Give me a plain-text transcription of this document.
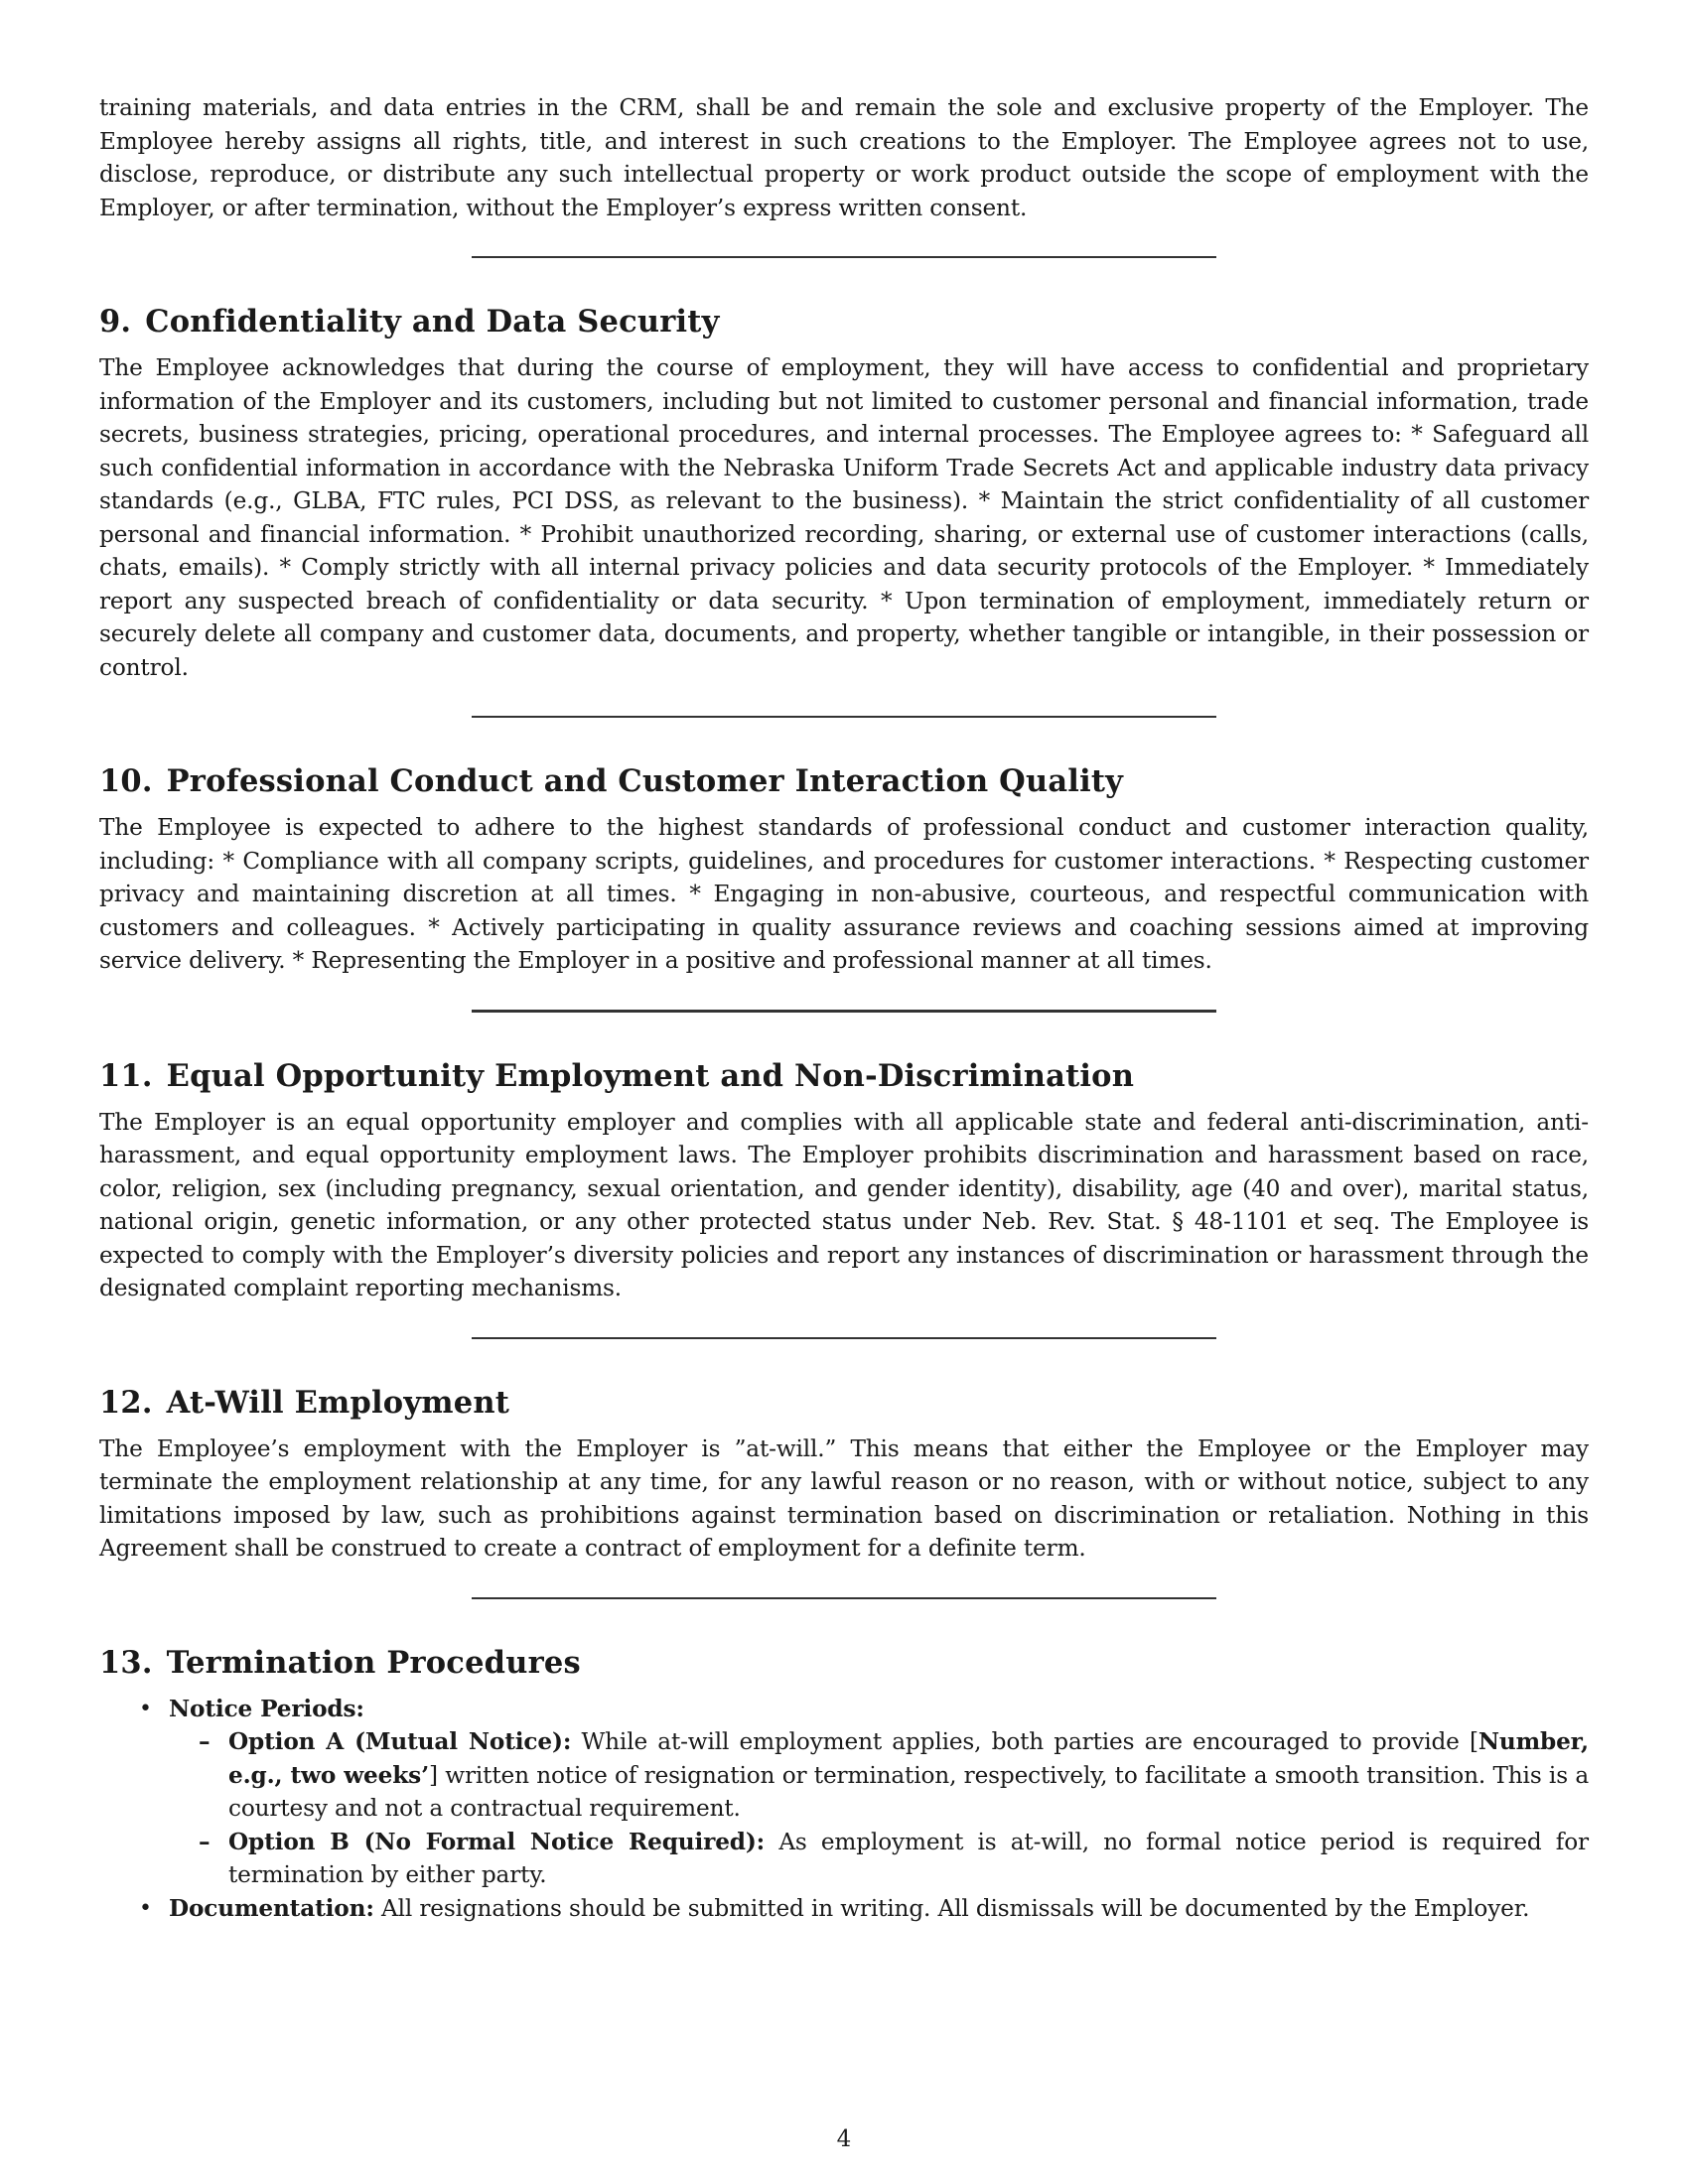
training materials, and data entries in the CRM, shall be and remain the sole and exclusive property of the Employer. The Employee hereby assigns all rights, title, and interest in such creations to the Employer. The Employee agrees not to use, disclose, reproduce, or distribute any such intellectual property or work product outside the scope of employment with the Employer, or after termination, without the Employer’s express written consent.

9. Confidentiality and Data Security

The Employee acknowledges that during the course of employment, they will have access to confidential and proprietary information of the Employer and its customers, including but not limited to customer personal and financial information, trade secrets, business strategies, pricing, operational procedures, and internal processes. The Employee agrees to: * Safeguard all such confidential information in accordance with the Nebraska Uniform Trade Secrets Act and applicable industry data privacy standards (e.g., GLBA, FTC rules, PCI DSS, as relevant to the business). * Maintain the strict confidentiality of all customer personal and financial information. * Prohibit unauthorized recording, sharing, or external use of customer interactions (calls, chats, emails). * Comply strictly with all internal privacy policies and data security protocols of the Employer. * Immediately report any suspected breach of confidentiality or data security. * Upon termination of employment, immediately return or securely delete all company and customer data, documents, and property, whether tangible or intangible, in their possession or control.

10. Professional Conduct and Customer Interaction Quality

The Employee is expected to adhere to the highest standards of professional conduct and customer interaction quality, including: * Compliance with all company scripts, guidelines, and procedures for customer interactions. * Respecting customer privacy and maintaining discretion at all times. * Engaging in non-abusive, courteous, and respectful communication with customers and colleagues. * Actively participating in quality assurance reviews and coaching sessions aimed at improving service delivery. * Representing the Employer in a positive and professional manner at all times.

11. Equal Opportunity Employment and Non-Discrimination

The Employer is an equal opportunity employer and complies with all applicable state and federal anti-discrimination, anti-harassment, and equal opportunity employment laws. The Employer prohibits discrimination and harassment based on race, color, religion, sex (including pregnancy, sexual orientation, and gender identity), disability, age (40 and over), marital status, national origin, genetic information, or any other protected status under Neb. Rev. Stat. § 48-1101 et seq. The Employee is expected to comply with the Employer’s diversity policies and report any instances of discrimination or harassment through the designated complaint reporting mechanisms.

12. At-Will Employment

The Employee’s employment with the Employer is ”at-will.” This means that either the Employee or the Employer may terminate the employment relationship at any time, for any lawful reason or no reason, with or without notice, subject to any limitations imposed by law, such as prohibitions against termination based on discrimination or retaliation. Nothing in this Agreement shall be construed to create a contract of employment for a definite term.

13. Termination Procedures
• Notice Periods:
– Option A (Mutual Notice): While at-will employment applies, both parties are encouraged to provide [Number, e.g., two weeks’] written notice of resignation or termination, respectively, to facilitate a smooth transition. This is a courtesy and not a contractual requirement.
– Option B (No Formal Notice Required): As employment is at-will, no formal notice period is required for termination by either party.
• Documentation: All resignations should be submitted in writing. All dismissals will be documented by the Employer.
4
